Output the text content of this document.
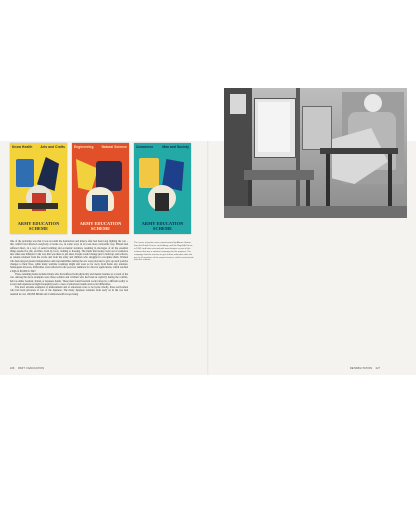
Know Health	Arts and Crafts
ARMY EDUCATION SCHEME
Engineering	Natural Science
ARMY EDUCATION SCHEME
Commerce	Man and Society
ARMY EDUCATION SCHEME

One of the problems was that it was not until the destruction and misery after had been long fighting the war – this conflict had affected everybody at home too, in some ways in an even more noticeable way. Britain had suffered direct, in a way of aerial bombing and economic isolation, resulting in shortages of all the essential things needed for life, sacrifice, from by food, clothing to housing. The funds that money went out of existence into other uses different to the war, that was there to put anew. People would change just to build up, and schools, as tenants returned from the towns and from the army and children who struggled to recognise them. Women who had enjoyed greater independence and responsibilities during the war were reluctant to give up such positive changes to their lives, while many wartime workings might and were so far away from home any returned. Subsequent divorces, difficulties were reflected in the post-war numbers for divorce applications, which reached a high of 60,000 in 1947.

Those returning home included many who had suffered both physically and mental traumas as a result of the war. Among the more examples were those soldiers and civilians who had been in captivity during the conflict, held as either German, Italian or Japanese hands. These men found freedom would often be a difficult reality to accept and experiences might frequently lead to cases of emotional trauma and social difficulties.

The most extreme examples of maltreatment and of emotional scars to be borne wholly, those servicemen who had been prisoners of war of the Japanese. The many Japanese torments from early on in the war had resulted in over 190,000 British and Commonwealth troops being

The series of posters was commissioned by Abram Games from the British Forces, at the Army, and the Royal Air Force, in 1943, and later reissued with new designs as part of the scheme that was a national campaign for the purpose. The campaign had the mission to give further education after the war to all members of the armed services, which received aid from the scheme.

226 PART II EDUCATION	REHABILITATION 227
